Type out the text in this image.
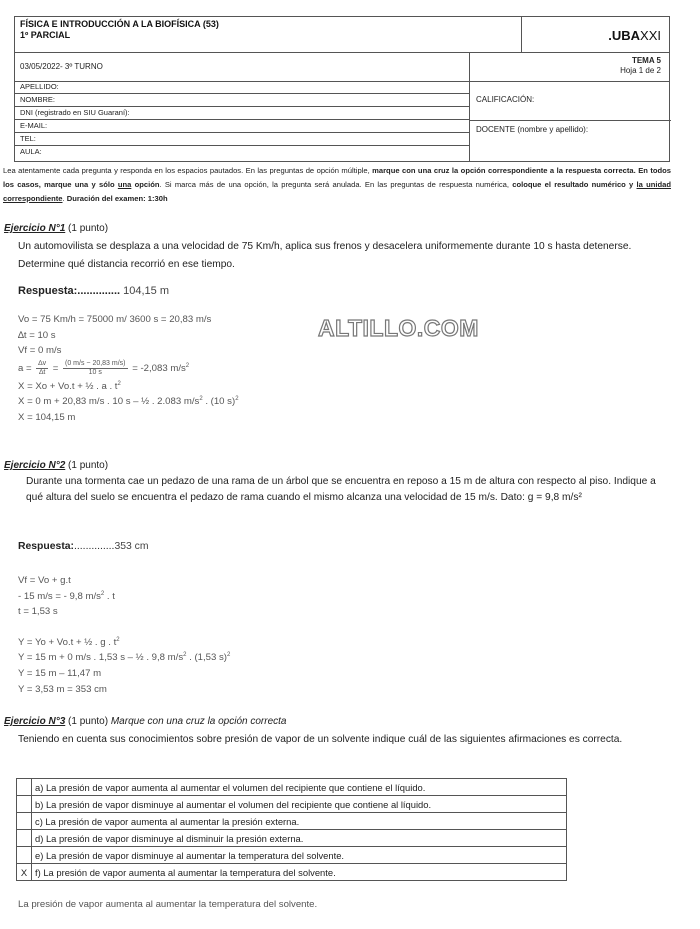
FÍSICA E INTRODUCCIÓN A LA BIOFÍSICA (53)
1º PARCIAL	.UBAXXI
03/05/2022- 3º TURNO
TEMA 5
Hoja 1 de 2
APELLIDO:
NOMBRE:
DNI (registrado en SIU Guaraní):
E-MAIL:
TEL:
AULA:
CALIFICACIÓN:
DOCENTE (nombre y apellido):
Lea atentamente cada pregunta y responda en los espacios pautados. En las preguntas de opción múltiple, marque con una cruz la opción correspondiente a la respuesta correcta. En todos los casos, marque una y sólo una opción. Si marca más de una opción, la pregunta será anulada. En las preguntas de respuesta numérica, coloque el resultado numérico y la unidad correspondiente. Duración del examen: 1:30h
Ejercicio N°1 (1 punto)
Un automovilista se desplaza a una velocidad de 75 Km/h, aplica sus frenos y desacelera uniformemente durante 10 s hasta detenerse. Determine qué distancia recorrió en ese tiempo.
Respuesta:.............. 104,15 m
Vo = 75 Km/h = 75000 m/ 3600 s = 20,83 m/s
∆t = 10 s
Vf = 0 m/s
$a = \frac{\Delta v}{\Delta t} = \frac{(0 m/s - 20,83 m/s)}{10 s} = -2,083$ $m/s^2$
X = Xo + Vo.t + ½ . a . $t^2$
X = 0 m + 20,83 m/s . 10 s – ½ . 2.083 $m/s^2$ . (10 s)$^2$
X = 104,15 m
ALTILLO.COM
Ejercicio N°2 (1 punto)
Durante una tormenta cae un pedazo de una rama de un árbol que se encuentra en reposo a 15 m de altura con respecto al piso. Indique a qué altura del suelo se encuentra el pedazo de rama cuando el mismo alcanza una velocidad de 15 m/s. Dato: g = 9,8 m/s²
Respuesta:..............353 cm
Vf = Vo + g.t
- 15 m/s = - 9,8 $m/s^2$ . t
t = 1,53 s
Y = Yo + Vo.t + ½ . g . $t^2$
Y = 15 m + 0 m/s . 1,53 s – ½ . 9,8 $m/s^2$ . (1,53 s)$^2$
Y = 15 m – 11,47 m
Y = 3,53 m = 353 cm
Ejercicio N°3 (1 punto) Marque con una cruz la opción correcta
Teniendo en cuenta sus conocimientos sobre presión de vapor de un solvente indique cuál de las siguientes afirmaciones es correcta.
	a) La presión de vapor aumenta al aumentar el volumen del recipiente que contiene el líquido.
	b) La presión de vapor disminuye al aumentar el volumen del recipiente que contiene al líquido.
	c) La presión de vapor aumenta al aumentar la presión externa.
	d) La presión de vapor disminuye al disminuir la presión externa.
	e) La presión de vapor disminuye al aumentar la temperatura del solvente.
X	f) La presión de vapor aumenta al aumentar la temperatura del solvente.
La presión de vapor aumenta al aumentar la temperatura del solvente.
